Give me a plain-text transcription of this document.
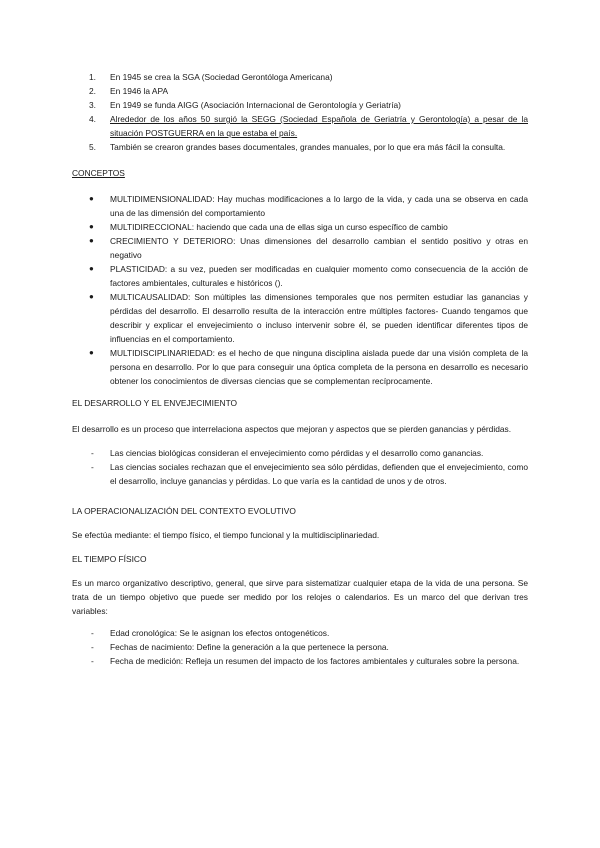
1. En 1945 se crea la SGA (Sociedad Gerontóloga Americana)
2. En 1946 la APA
3. En 1949 se funda AIGG (Asociación Internacional de Gerontología y Geriatría)
4. Alrededor de los años 50 surgió la SEGG (Sociedad Española de Geriatría y Gerontología) a pesar de la situación POSTGUERRA en la que estaba el país.
5. También se crearon grandes bases documentales, grandes manuales, por lo que era más fácil la consulta.

CONCEPTOS

● MULTIDIMENSIONALIDAD: Hay muchas modificaciones a lo largo de la vida, y cada una se observa en cada una de las dimensión del comportamiento
● MULTIDIRECCIONAL: haciendo que cada una de ellas siga un curso específico de cambio
● CRECIMIENTO Y DETERIORO: Unas dimensiones del desarrollo cambian el sentido positivo y otras en negativo
● PLASTICIDAD: a su vez, pueden ser modificadas en cualquier momento como consecuencia de la acción de factores ambientales, culturales e históricos ().
● MULTICAUSALIDAD: Son múltiples las dimensiones temporales que nos permiten estudiar las ganancias y pérdidas del desarrollo. El desarrollo resulta de la interacción entre múltiples factores- Cuando tengamos que describir y explicar el envejecimiento o incluso intervenir sobre él, se pueden identificar diferentes tipos de influencias en el comportamiento.
● MULTIDISCIPLINARIEDAD: es el hecho de que ninguna disciplina aislada puede dar una visión completa de la persona en desarrollo. Por lo que para conseguir una óptica completa de la persona en desarrollo es necesario obtener los conocimientos de diversas ciencias que se complementan recíprocamente.

EL DESARROLLO Y EL ENVEJECIMIENTO

El desarrollo es un proceso que interrelaciona aspectos que mejoran y aspectos que se pierden ganancias y pérdidas.

- Las ciencias biológicas consideran el envejecimiento como pérdidas y el desarrollo como ganancias.
- Las ciencias sociales rechazan que el envejecimiento sea sólo pérdidas, defienden que el envejecimiento, como el desarrollo, incluye ganancias y pérdidas. Lo que varía es la cantidad de unos y de otros.

LA OPERACIONALIZACIÓN DEL CONTEXTO EVOLUTIVO

Se efectúa mediante: el tiempo físico, el tiempo funcional y la multidisciplinariedad.

EL TIEMPO FÍSICO

Es un marco organizativo descriptivo, general, que sirve para sistematizar cualquier etapa de la vida de una persona. Se trata de un tiempo objetivo que puede ser medido por los relojes o calendarios. Es un marco del que derivan tres variables:

- Edad cronológica: Se le asignan los efectos ontogenéticos.
- Fechas de nacimiento: Define la generación a la que pertenece la persona.
- Fecha de medición: Refleja un resumen del impacto de los factores ambientales y culturales sobre la persona.
